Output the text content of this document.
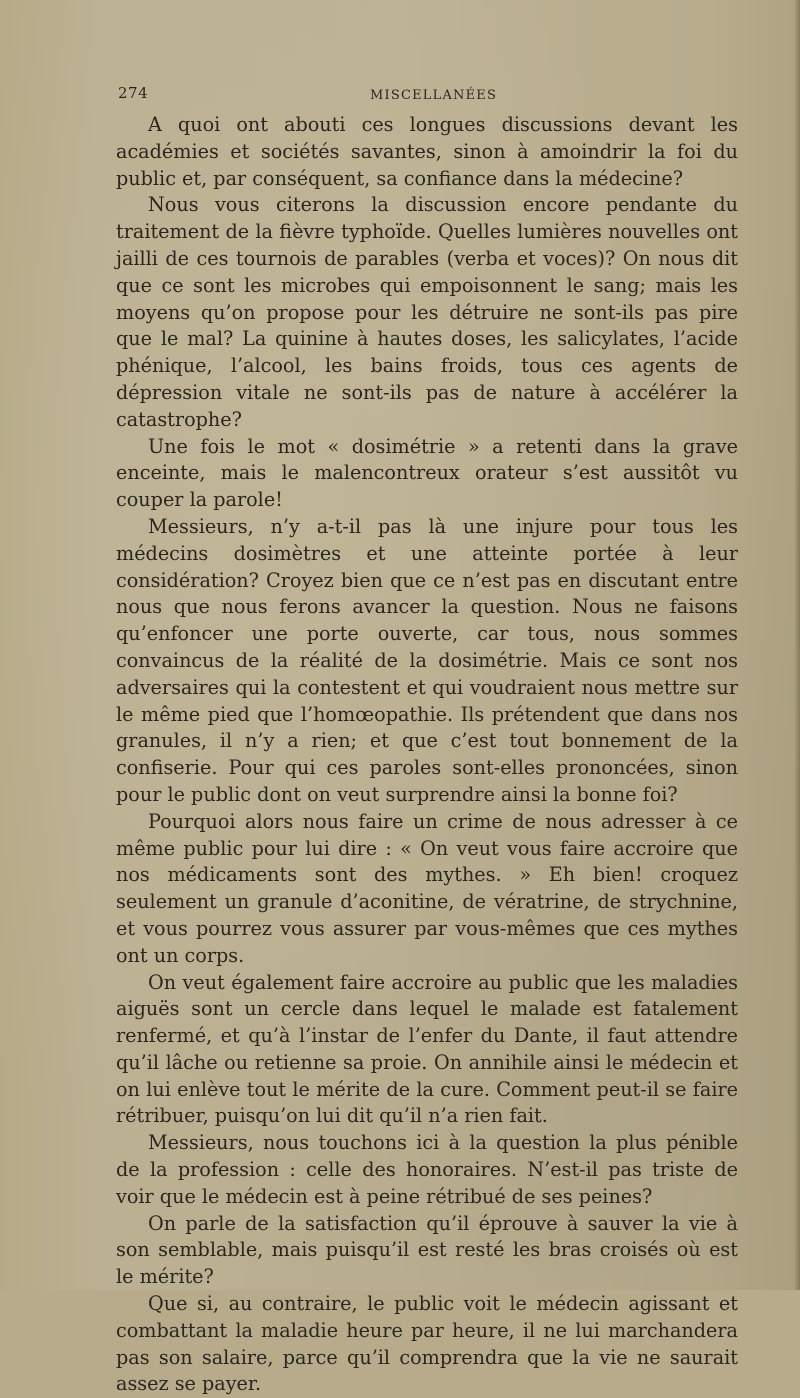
274	MISCELLANÉES

A quoi ont abouti ces longues discussions devant les académies et sociétés savantes, sinon à amoindrir la foi du public et, par conséquent, sa confiance dans la médecine?

Nous vous citerons la discussion encore pendante du traitement de la fièvre typhoïde. Quelles lumières nouvelles ont jailli de ces tournois de parables (verba et voces)? On nous dit que ce sont les microbes qui empoisonnent le sang; mais les moyens qu’on propose pour les détruire ne sont-ils pas pire que le mal? La quinine à hautes doses, les salicylates, l’acide phénique, l’alcool, les bains froids, tous ces agents de dépression vitale ne sont-ils pas de nature à accélérer la catastrophe?

Une fois le mot « dosimétrie » a retenti dans la grave enceinte, mais le malencontreux orateur s’est aussitôt vu couper la parole!

Messieurs, n’y a-t-il pas là une injure pour tous les médecins dosimètres et une atteinte portée à leur considération? Croyez bien que ce n’est pas en discutant entre nous que nous ferons avancer la question. Nous ne faisons qu’enfoncer une porte ouverte, car tous, nous sommes convaincus de la réalité de la dosimétrie. Mais ce sont nos adversaires qui la contestent et qui voudraient nous mettre sur le même pied que l’homœopathie. Ils prétendent que dans nos granules, il n’y a rien; et que c’est tout bonnement de la confiserie. Pour qui ces paroles sont-elles prononcées, sinon pour le public dont on veut surprendre ainsi la bonne foi?

Pourquoi alors nous faire un crime de nous adresser à ce même public pour lui dire : « On veut vous faire accroire que nos médicaments sont des mythes. » Eh bien! croquez seulement un granule d’aconitine, de vératrine, de strychnine, et vous pourrez vous assurer par vous-mêmes que ces mythes ont un corps.

On veut également faire accroire au public que les maladies aiguës sont un cercle dans lequel le malade est fatalement renfermé, et qu’à l’instar de l’enfer du Dante, il faut attendre qu’il lâche ou retienne sa proie. On annihile ainsi le médecin et on lui enlève tout le mérite de la cure. Comment peut-il se faire rétribuer, puisqu’on lui dit qu’il n’a rien fait.

Messieurs, nous touchons ici à la question la plus pénible de la profession : celle des honoraires. N’est-il pas triste de voir que le médecin est à peine rétribué de ses peines?

On parle de la satisfaction qu’il éprouve à sauver la vie à son semblable, mais puisqu’il est resté les bras croisés où est le mérite?

Que si, au contraire, le public voit le médecin agissant et combattant la maladie heure par heure, il ne lui marchandera pas son salaire, parce qu’il comprendra que la vie ne saurait assez se payer.
